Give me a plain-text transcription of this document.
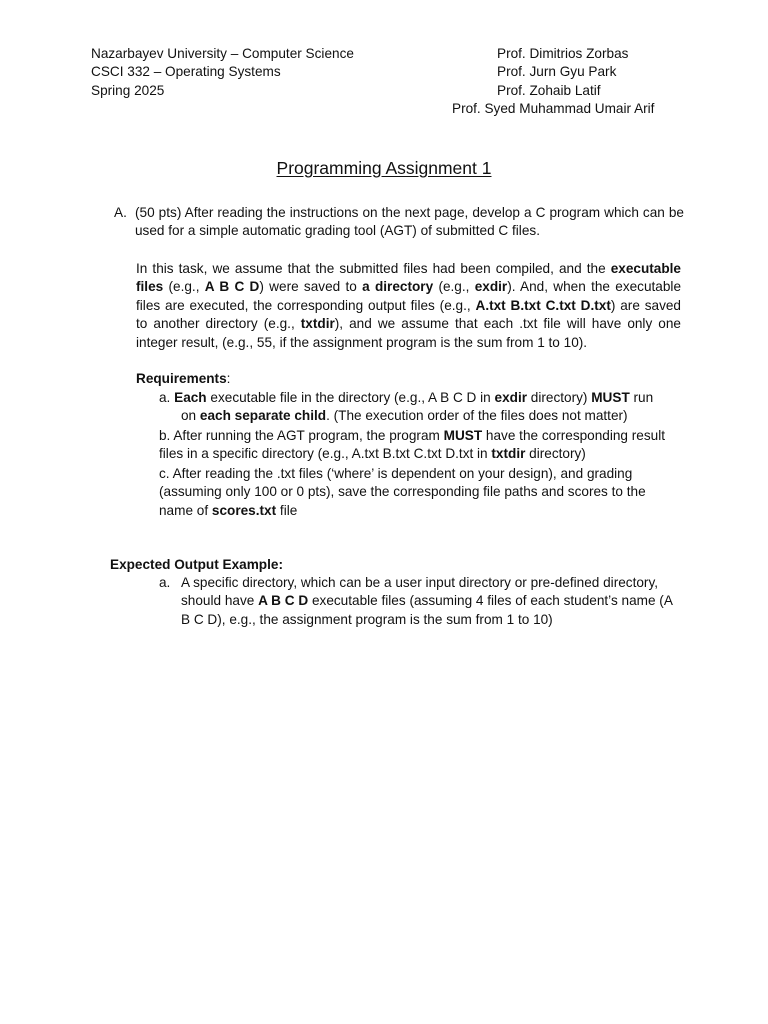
Nazarbayev University – Computer Science
CSCI 332 – Operating Systems
Spring 2025
Prof. Dimitrios Zorbas
Prof. Jurn Gyu Park
Prof. Zohaib Latif
Prof. Syed Muhammad Umair Arif
Programming Assignment 1
A. (50 pts) After reading the instructions on the next page, develop a C program which can be used for a simple automatic grading tool (AGT) of submitted C files.
In this task, we assume that the submitted files had been compiled, and the executable files (e.g., A B C D) were saved to a directory (e.g., exdir). And, when the executable files are executed, the corresponding output files (e.g., A.txt B.txt C.txt D.txt) are saved to another directory (e.g., txtdir), and we assume that each .txt file will have only one integer result, (e.g., 55, if the assignment program is the sum from 1 to 10).
Requirements:
a. Each executable file in the directory (e.g., A B C D in exdir directory) MUST run
on each separate child. (The execution order of the files does not matter)
b. After running the AGT program, the program MUST have the corresponding result files in a specific directory (e.g., A.txt B.txt C.txt D.txt in txtdir directory)
c. After reading the .txt files (‘where’ is dependent on your design), and grading (assuming only 100 or 0 pts), save the corresponding file paths and scores to the name of scores.txt file
Expected Output Example:
a. A specific directory, which can be a user input directory or pre-defined directory, should have A B C D executable files (assuming 4 files of each student’s name (A B C D), e.g., the assignment program is the sum from 1 to 10)
